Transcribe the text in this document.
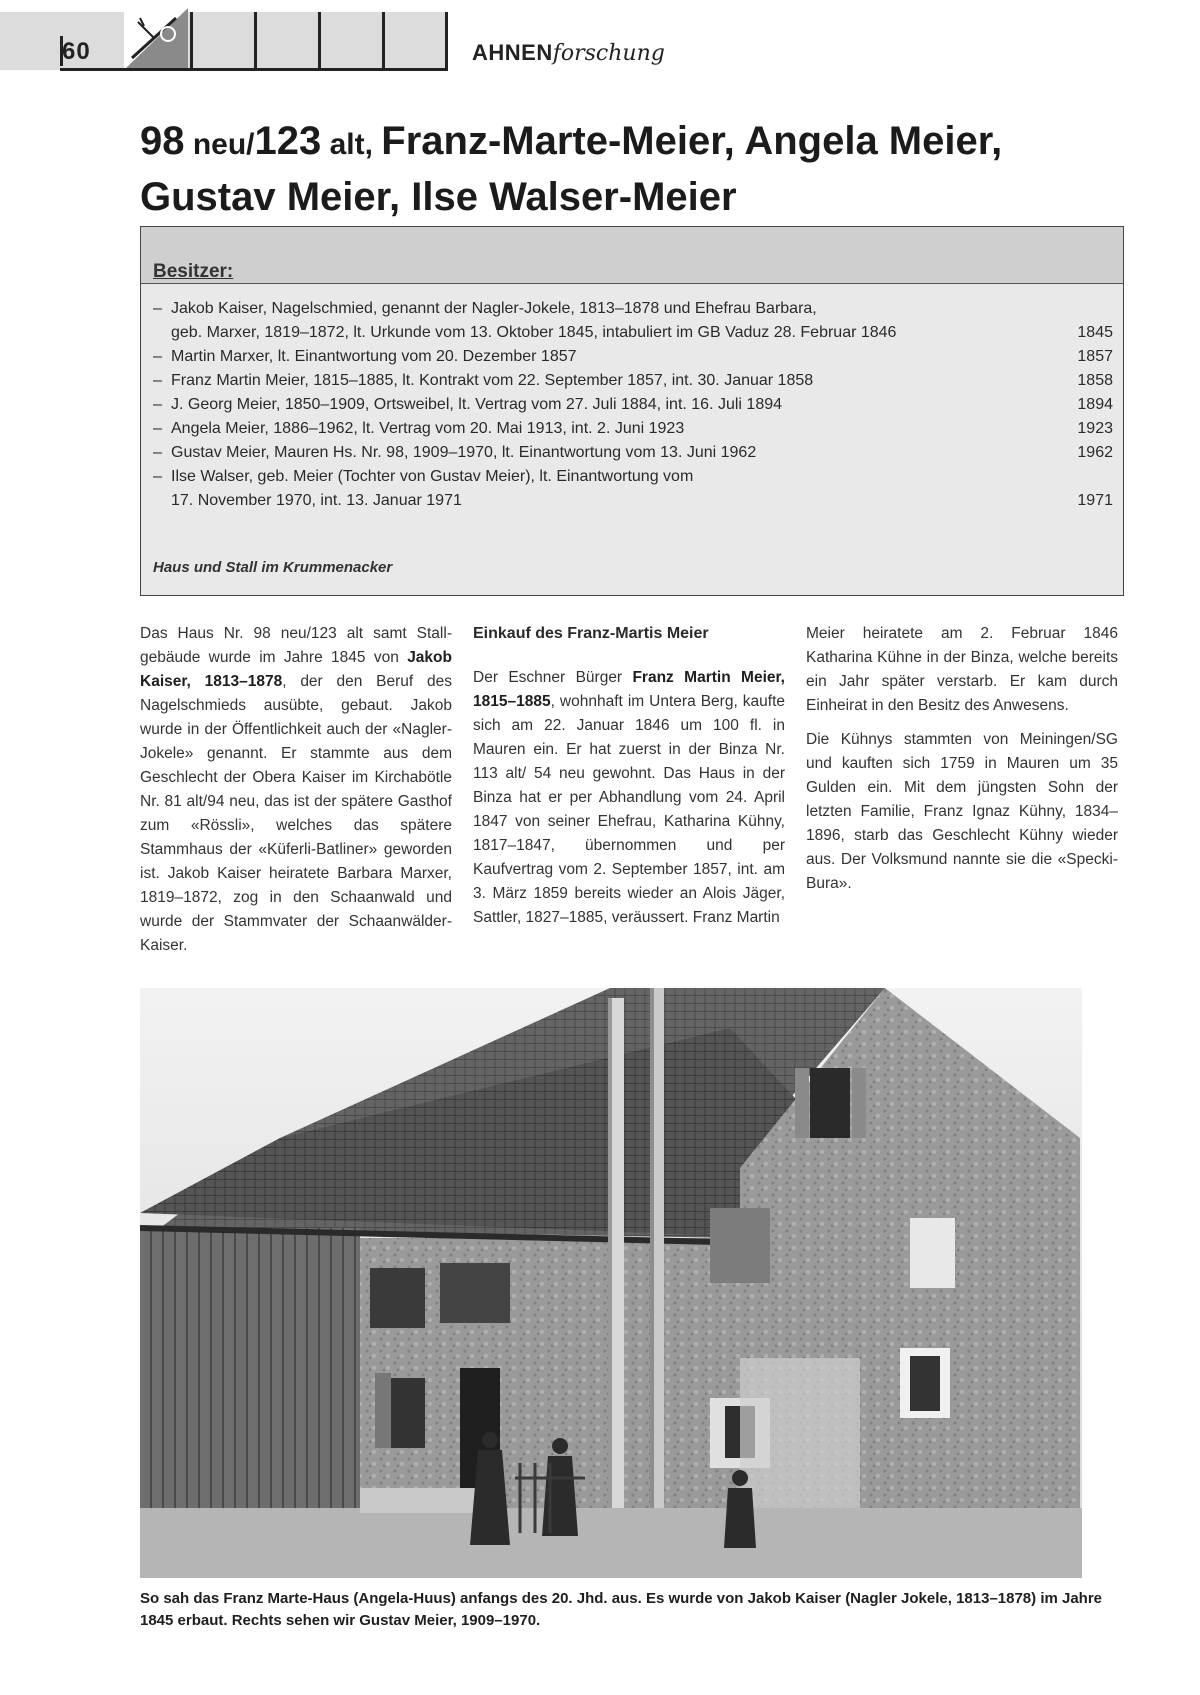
60	AHNENforschung
98 neu/123 alt, Franz-Marte-Meier, Angela Meier, Gustav Meier, Ilse Walser-Meier
Besitzer:
– Jakob Kaiser, Nagelschmied, genannt der Nagler-Jokele, 1813–1878 und Ehefrau Barbara,
geb. Marxer, 1819–1872, lt. Urkunde vom 13. Oktober 1845, intabuliert im GB Vaduz 28. Februar 1846	1845
– Martin Marxer, lt. Einantwortung vom 20. Dezember 1857	1857
– Franz Martin Meier, 1815–1885, lt. Kontrakt vom 22. September 1857, int. 30. Januar 1858	1858
– J. Georg Meier, 1850–1909, Ortsweibel, lt. Vertrag vom 27. Juli 1884, int. 16. Juli 1894	1894
– Angela Meier, 1886–1962, lt. Vertrag vom 20. Mai 1913, int. 2. Juni 1923	1923
– Gustav Meier, Mauren Hs. Nr. 98, 1909–1970, lt. Einantwortung vom 13. Juni 1962	1962
– Ilse Walser, geb. Meier (Tochter von Gustav Meier), lt. Einantwortung vom
17. November 1970, int. 13. Januar 1971	1971
Haus und Stall im Krummenacker

Das Haus Nr. 98 neu/123 alt samt Stallgebäude wurde im Jahre 1845 von Jakob Kaiser, 1813–1878, der den Beruf des Nagelschmieds ausübte, gebaut. Jakob wurde in der Öffentlichkeit auch der «Nagler-Jokele» genannt. Er stammte aus dem Geschlecht der Obera Kaiser im Kirchabötle Nr. 81 alt/94 neu, das ist der spätere Gasthof zum «Rössli», welches das spätere Stammhaus der «Küferli-Batliner» geworden ist. Jakob Kaiser heiratete Barbara Marxer, 1819–1872, zog in den Schaanwald und wurde der Stammvater der Schaanwälder-Kaiser.

Einkauf des Franz-Martis Meier

Der Eschner Bürger Franz Martin Meier, 1815–1885, wohnhaft im Untera Berg, kaufte sich am 22. Januar 1846 um 100 fl. in Mauren ein. Er hat zuerst in der Binza Nr. 113 alt/ 54 neu gewohnt. Das Haus in der Binza hat er per Abhandlung vom 24. April 1847 von seiner Ehefrau, Katharina Kühny, 1817–1847, übernommen und per Kaufvertrag vom 2. September 1857, int. am 3. März 1859 bereits wieder an Alois Jäger, Sattler, 1827–1885, veräussert. Franz Martin

Meier heiratete am 2. Februar 1846 Katharina Kühne in der Binza, welche bereits ein Jahr später verstarb. Er kam durch Einheirat in den Besitz des Anwesens.

Die Kühnys stammten von Meiningen/SG und kauften sich 1759 in Mauren um 35 Gulden ein. Mit dem jüngsten Sohn der letzten Familie, Franz Ignaz Kühny, 1834–1896, starb das Geschlecht Kühny wieder aus. Der Volksmund nannte sie die «Specki-Bura».

So sah das Franz Marte-Haus (Angela-Huus) anfangs des 20. Jhd. aus. Es wurde von Jakob Kaiser (Nagler Jokele, 1813–1878) im Jahre 1845 erbaut. Rechts sehen wir Gustav Meier, 1909–1970.
